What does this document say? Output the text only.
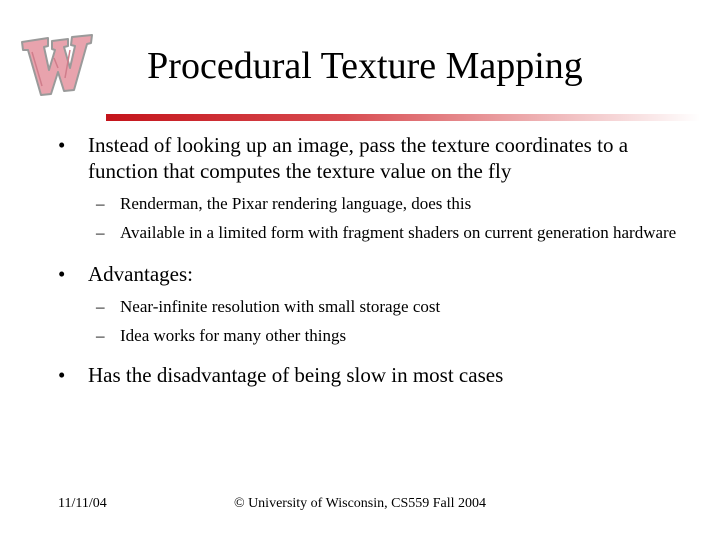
Procedural Texture Mapping
•	Instead of looking up an image, pass the texture coordinates to a function that computes the texture value on the fly
– Renderman, the Pixar rendering language, does this
– Available in a limited form with fragment shaders on current generation hardware
•	Advantages:
– Near-infinite resolution with small storage cost
– Idea works for many other things
•	Has the disadvantage of being slow in most cases
11/11/04	© University of Wisconsin, CS559 Fall 2004
